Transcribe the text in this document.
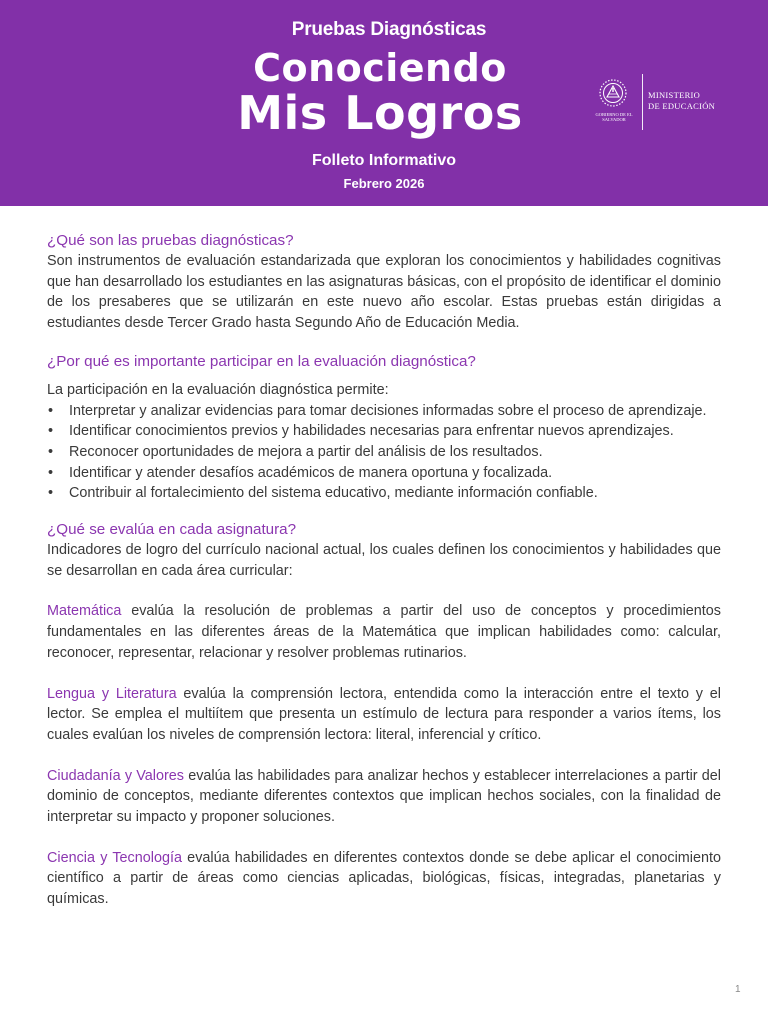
Pruebas Diagnósticas
Conociendo
Mis Logros
Folleto Informativo
Febrero 2026
GOBIERNO DE EL SALVADOR
MINISTERIO
DE EDUCACIÓN
¿Qué son las pruebas diagnósticas?
Son instrumentos de evaluación estandarizada que exploran los conocimientos y habilidades cognitivas que han desarrollado los estudiantes en las asignaturas básicas, con el propósito de identificar el dominio de los presaberes que se utilizarán en este nuevo año escolar. Estas pruebas están dirigidas a estudiantes desde Tercer Grado hasta Segundo Año de Educación Media.
¿Por qué es importante participar en la evaluación diagnóstica?
La participación en la evaluación diagnóstica permite:
• Interpretar y analizar evidencias para tomar decisiones informadas sobre el proceso de aprendizaje.
• Identificar conocimientos previos y habilidades necesarias para enfrentar nuevos aprendizajes.
• Reconocer oportunidades de mejora a partir del análisis de los resultados.
• Identificar y atender desafíos académicos de manera oportuna y focalizada.
• Contribuir al fortalecimiento del sistema educativo, mediante información confiable.
¿Qué se evalúa en cada asignatura?
Indicadores de logro del currículo nacional actual, los cuales definen los conocimientos y habilidades que se desarrollan en cada área curricular:
Matemática evalúa la resolución de problemas a partir del uso de conceptos y procedimientos fundamentales en las diferentes áreas de la Matemática que implican habilidades como: calcular, reconocer, representar, relacionar y resolver problemas rutinarios.
Lengua y Literatura evalúa la comprensión lectora, entendida como la interacción entre el texto y el lector. Se emplea el multiítem que presenta un estímulo de lectura para responder a varios ítems, los cuales evalúan los niveles de comprensión lectora: literal, inferencial y crítico.
Ciudadanía y Valores evalúa las habilidades para analizar hechos y establecer interrelaciones a partir del dominio de conceptos, mediante diferentes contextos que implican hechos sociales, con la finalidad de interpretar su impacto y proponer soluciones.
Ciencia y Tecnología evalúa habilidades en diferentes contextos donde se debe aplicar el conocimiento científico a partir de áreas como ciencias aplicadas, biológicas, físicas, integradas, planetarias y químicas.
1
